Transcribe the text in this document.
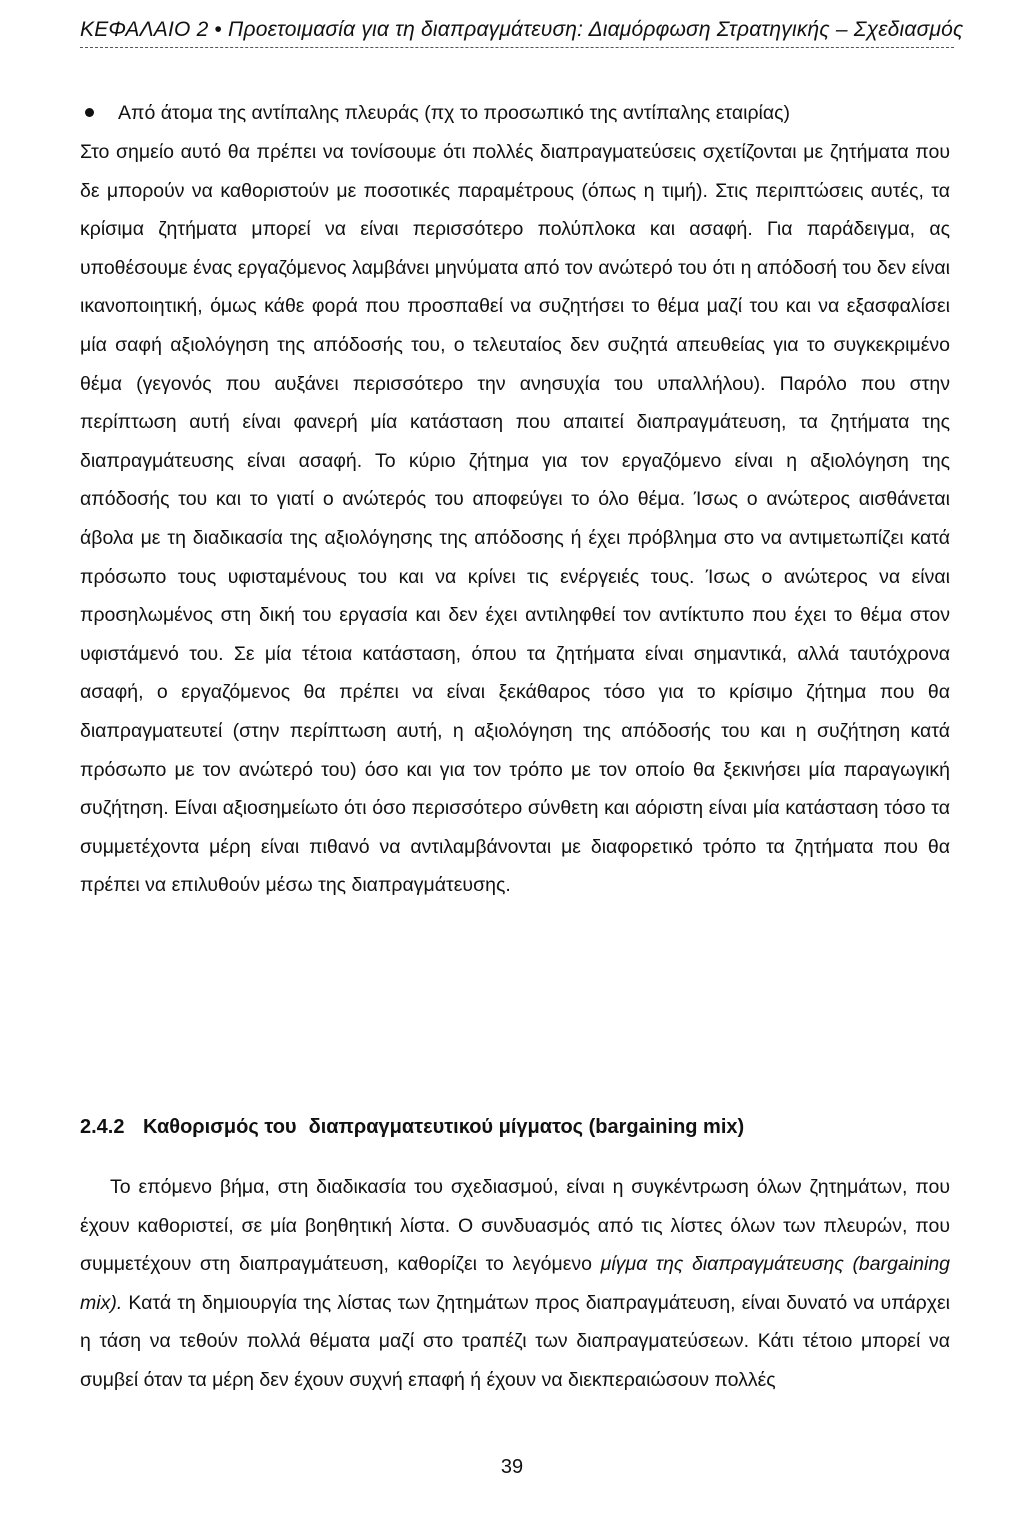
ΚΕΦΑΛΑΙΟ 2 • Προετοιμασία για τη διαπραγμάτευση: Διαμόρφωση Στρατηγικής – Σχεδιασμός
Από άτομα της αντίπαλης πλευράς (πχ το προσωπικό της αντίπαλης εταιρίας)
Στο σημείο αυτό θα πρέπει να τονίσουμε ότι πολλές διαπραγματεύσεις σχετίζονται με ζητήματα που δε μπορούν να καθοριστούν με ποσοτικές παραμέτρους (όπως η τιμή). Στις περιπτώσεις αυτές, τα κρίσιμα ζητήματα μπορεί να είναι περισσότερο πολύπλοκα και ασαφή. Για παράδειγμα, ας υποθέσουμε ένας εργαζόμενος λαμβάνει μηνύματα από τον ανώτερό του ότι η απόδοσή του δεν είναι ικανοποιητική, όμως κάθε φορά που προσπαθεί να συζητήσει το θέμα μαζί του και να εξασφαλίσει μία σαφή αξιολόγηση της απόδοσής του, ο τελευταίος δεν συζητά απευθείας για το συγκεκριμένο θέμα (γεγονός που αυξάνει περισσότερο την ανησυχία του υπαλλήλου). Παρόλο που στην περίπτωση αυτή είναι φανερή μία κατάσταση που απαιτεί διαπραγμάτευση, τα ζητήματα της διαπραγμάτευσης είναι ασαφή. Το κύριο ζήτημα για τον εργαζόμενο είναι η αξιολόγηση της απόδοσής του και το γιατί ο ανώτερός του αποφεύγει το όλο θέμα. Ίσως ο ανώτερος αισθάνεται άβολα με τη διαδικασία της αξιολόγησης της απόδοσης ή έχει πρόβλημα στο να αντιμετωπίζει κατά πρόσωπο τους υφισταμένους του και να κρίνει τις ενέργειές τους. Ίσως ο ανώτερος να είναι προσηλωμένος στη δική του εργασία και δεν έχει αντιληφθεί τον αντίκτυπο που έχει το θέμα στον υφιστάμενό του. Σε μία τέτοια κατάσταση, όπου τα ζητήματα είναι σημαντικά, αλλά ταυτόχρονα ασαφή, ο εργαζόμενος θα πρέπει να είναι ξεκάθαρος τόσο για το κρίσιμο ζήτημα που θα διαπραγματευτεί (στην περίπτωση αυτή, η αξιολόγηση της απόδοσής του και η συζήτηση κατά πρόσωπο με τον ανώτερό του) όσο και για τον τρόπο με τον οποίο θα ξεκινήσει μία παραγωγική συζήτηση. Είναι αξιοσημείωτο ότι όσο περισσότερο σύνθετη και αόριστη είναι μία κατάσταση τόσο τα συμμετέχοντα μέρη είναι πιθανό να αντιλαμβάνονται με διαφορετικό τρόπο τα ζητήματα που θα πρέπει να επιλυθούν μέσω της διαπραγμάτευσης.
2.4.2 Καθορισμός του διαπραγματευτικού μίγματος (bargaining mix)
Το επόμενο βήμα, στη διαδικασία του σχεδιασμού, είναι η συγκέντρωση όλων ζητημάτων, που έχουν καθοριστεί, σε μία βοηθητική λίστα. Ο συνδυασμός από τις λίστες όλων των πλευρών, που συμμετέχουν στη διαπραγμάτευση, καθορίζει το λεγόμενο μίγμα της διαπραγμάτευσης (bargaining mix). Κατά τη δημιουργία της λίστας των ζητημάτων προς διαπραγμάτευση, είναι δυνατό να υπάρχει η τάση να τεθούν πολλά θέματα μαζί στο τραπέζι των διαπραγματεύσεων. Κάτι τέτοιο μπορεί να συμβεί όταν τα μέρη δεν έχουν συχνή επαφή ή έχουν να διεκπεραιώσουν πολλές
39
